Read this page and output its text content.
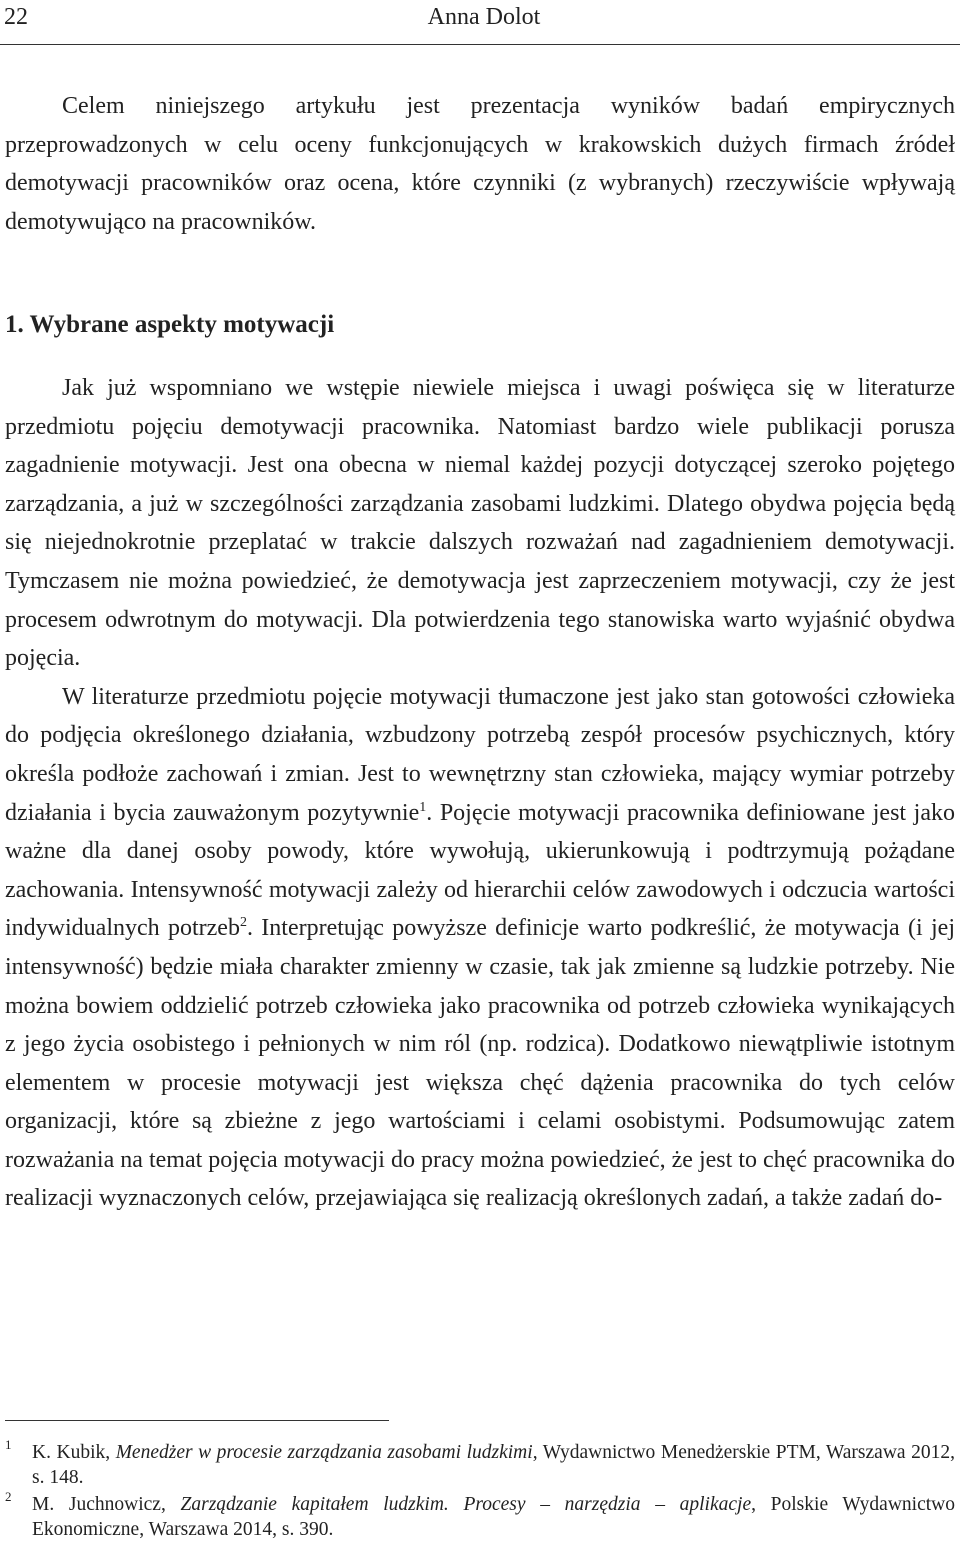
22	Anna Dolot

Celem niniejszego artykułu jest prezentacja wyników badań empirycznych przeprowadzonych w celu oceny funkcjonujących w krakowskich dużych firmach źródeł demotywacji pracowników oraz ocena, które czynniki (z wybranych) rzeczywiście wpływają demotywująco na pracowników.

1. Wybrane aspekty motywacji

Jak już wspomniano we wstępie niewiele miejsca i uwagi poświęca się w literaturze przedmiotu pojęciu demotywacji pracownika. Natomiast bardzo wiele publikacji porusza zagadnienie motywacji. Jest ona obecna w niemal każdej pozycji dotyczącej szeroko pojętego zarządzania, a już w szczególności zarządzania zasobami ludzkimi. Dlatego obydwa pojęcia będą się niejednokrotnie przeplatać w trakcie dalszych rozważań nad zagadnieniem demotywacji. Tymczasem nie można powiedzieć, że demotywacja jest zaprzeczeniem motywacji, czy że jest procesem odwrotnym do motywacji. Dla potwierdzenia tego stanowiska warto wyjaśnić obydwa pojęcia.

W literaturze przedmiotu pojęcie motywacji tłumaczone jest jako stan gotowości człowieka do podjęcia określonego działania, wzbudzony potrzebą zespół procesów psychicznych, który określa podłoże zachowań i zmian. Jest to wewnętrzny stan człowieka, mający wymiar potrzeby działania i bycia zauważonym pozytywnie$^1$. Pojęcie motywacji pracownika definiowane jest jako ważne dla danej osoby powody, które wywołują, ukierunkowują i podtrzymują pożądane zachowania. Intensywność motywacji zależy od hierarchii celów zawodowych i odczucia wartości indywidualnych potrzeb$^2$. Interpretując powyższe definicje warto podkreślić, że motywacja (i jej intensywność) będzie miała charakter zmienny w czasie, tak jak zmienne są ludzkie potrzeby. Nie można bowiem oddzielić potrzeb człowieka jako pracownika od potrzeb człowieka wynikających z jego życia osobistego i pełnionych w nim ról (np. rodzica). Dodatkowo niewątpliwie istotnym elementem w procesie motywacji jest większa chęć dążenia pracownika do tych celów organizacji, które są zbieżne z jego wartościami i celami osobistymi. Podsumowując zatem rozważania na temat pojęcia motywacji do pracy można powiedzieć, że jest to chęć pracownika do realizacji wyznaczonych celów, przejawiająca się realizacją określonych zadań, a także zadań do-

1 K. Kubik, Menedżer w procesie zarządzania zasobami ludzkimi, Wydawnictwo Menedżerskie PTM, Warszawa 2012, s. 148.
2 M. Juchnowicz, Zarządzanie kapitałem ludzkim. Procesy – narzędzia – aplikacje, Polskie Wydawnictwo Ekonomiczne, Warszawa 2014, s. 390.
